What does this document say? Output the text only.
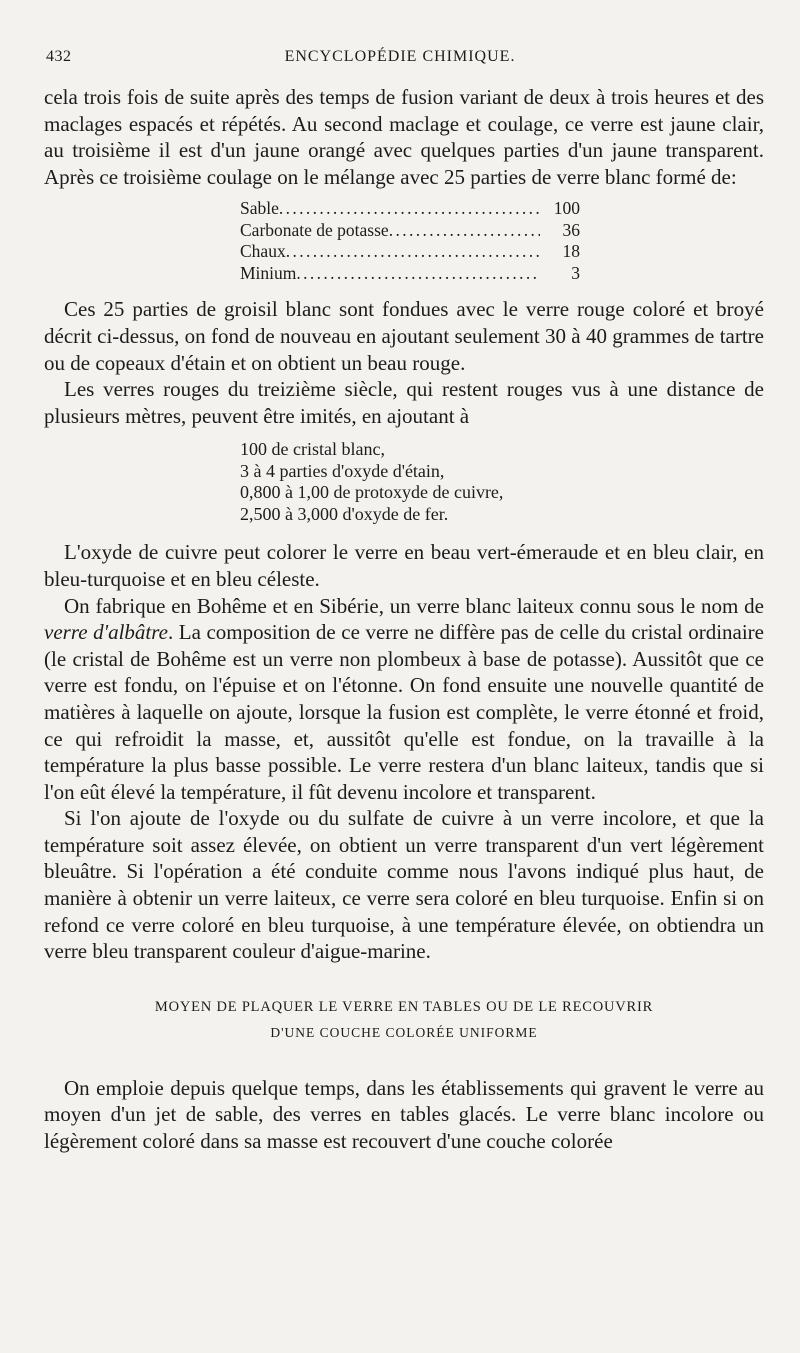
432	ENCYCLOPÉDIE CHIMIQUE.

cela trois fois de suite après des temps de fusion variant de deux à trois heures et des maclages espacés et répétés. Au second maclage et coulage, ce verre est jaune clair, au troisième il est d'un jaune orangé avec quelques parties d'un jaune transparent. Après ce troisième coulage on le mélange avec 25 parties de verre blanc formé de:

Sable . . .	100
Carbonate de potasse . . .	36
Chaux . . .	18
Minium . . .	3

Ces 25 parties de groisil blanc sont fondues avec le verre rouge coloré et broyé décrit ci-dessus, on fond de nouveau en ajoutant seulement 30 à 40 grammes de tartre ou de copeaux d'étain et on obtient un beau rouge.

Les verres rouges du treizième siècle, qui restent rouges vus à une distance de plusieurs mètres, peuvent être imités, en ajoutant à

100 de cristal blanc,
3 à 4 parties d'oxyde d'étain,
0,800 à 1,00 de protoxyde de cuivre,
2,500 à 3,000 d'oxyde de fer.

L'oxyde de cuivre peut colorer le verre en beau vert-émeraude et en bleu clair, en bleu-turquoise et en bleu céleste.

On fabrique en Bohême et en Sibérie, un verre blanc laiteux connu sous le nom de verre d'albâtre. La composition de ce verre ne diffère pas de celle du cristal ordinaire (le cristal de Bohême est un verre non plombeux à base de potasse). Aussitôt que ce verre est fondu, on l'épuise et on l'étonne. On fond ensuite une nouvelle quantité de matières à laquelle on ajoute, lorsque la fusion est complète, le verre étonné et froid, ce qui refroidit la masse, et, aussitôt qu'elle est fondue, on la travaille à la température la plus basse possible. Le verre restera d'un blanc laiteux, tandis que si l'on eût élevé la température, il fût devenu incolore et transparent.

Si l'on ajoute de l'oxyde ou du sulfate de cuivre à un verre incolore, et que la température soit assez élevée, on obtient un verre transparent d'un vert légèrement bleuâtre. Si l'opération a été conduite comme nous l'avons indiqué plus haut, de manière à obtenir un verre laiteux, ce verre sera coloré en bleu turquoise. Enfin si on refond ce verre coloré en bleu turquoise, à une température élevée, on obtiendra un verre bleu transparent couleur d'aigue-marine.

MOYEN DE PLAQUER LE VERRE EN TABLES OU DE LE RECOUVRIR
D'UNE COUCHE COLORÉE UNIFORME

On emploie depuis quelque temps, dans les établissements qui gravent le verre au moyen d'un jet de sable, des verres en tables glacés. Le verre blanc incolore ou légèrement coloré dans sa masse est recouvert d'une couche colorée
